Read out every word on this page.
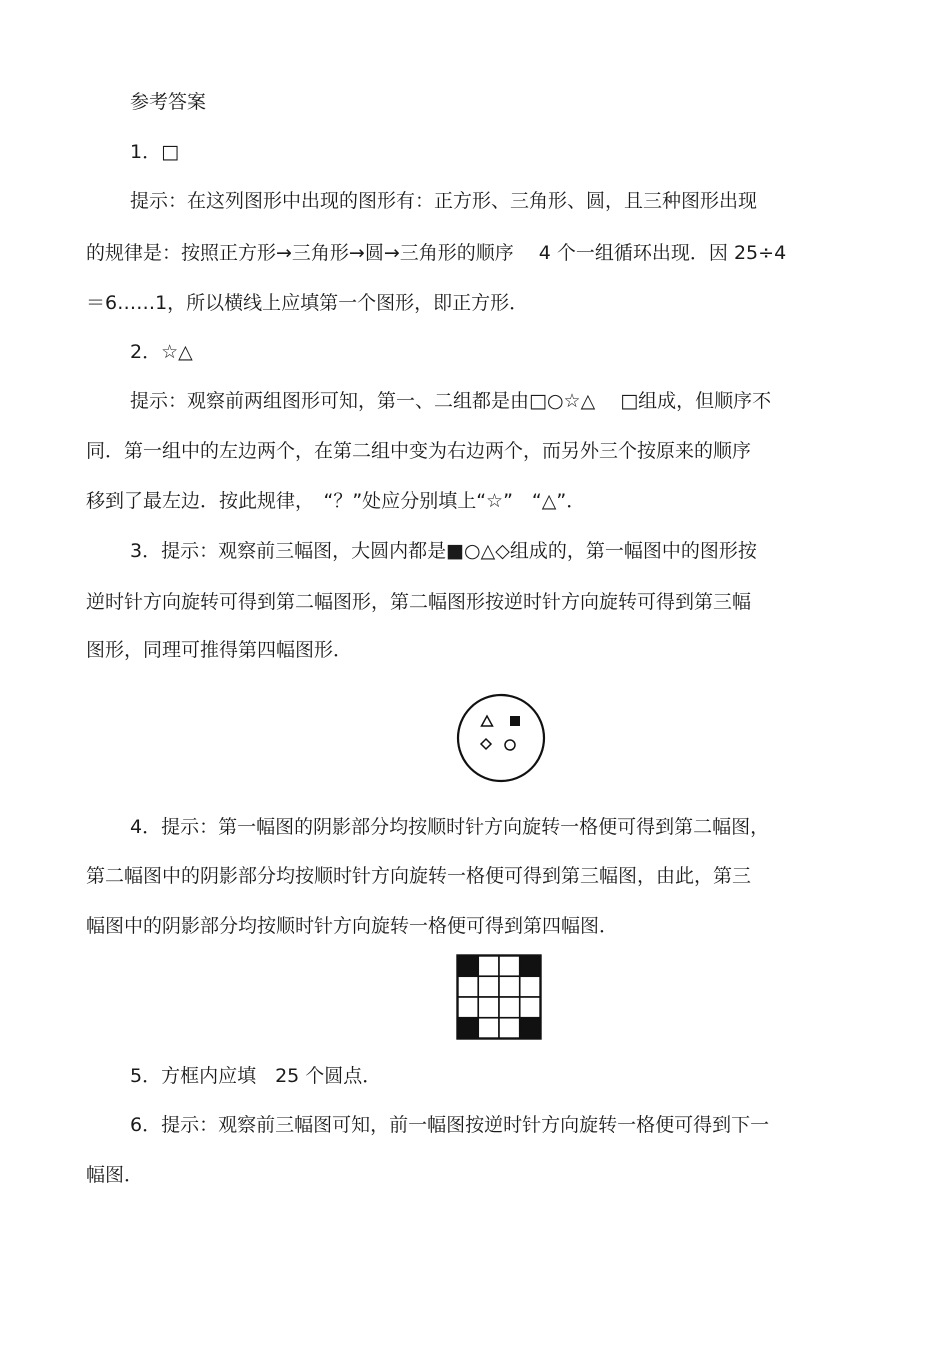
参考答案
1．□
提示：在这列图形中出现的图形有：正方形、三角形、圆，且三种图形出现
的规律是：按照正方形→三角形→圆→三角形的顺序　 4 个一组循环出现．因 25÷4
＝6……1，所以横线上应填第一个图形，即正方形．
2．☆△
提示：观察前两组图形可知，第一、二组都是由□○☆△　 □组成，但顺序不
同．第一组中的左边两个，在第二组中变为右边两个，而另外三个按原来的顺序
移到了最左边．按此规律，　“？”处应分别填上“☆”　“△”．
3．提示：观察前三幅图，大圆内都是■○△◇组成的，第一幅图中的图形按
逆时针方向旋转可得到第二幅图形，第二幅图形按逆时针方向旋转可得到第三幅
图形，同理可推得第四幅图形．
4．提示：第一幅图的阴影部分均按顺时针方向旋转一格便可得到第二幅图，
第二幅图中的阴影部分均按顺时针方向旋转一格便可得到第三幅图，由此，第三
幅图中的阴影部分均按顺时针方向旋转一格便可得到第四幅图．
5．方框内应填　25 个圆点．
6．提示：观察前三幅图可知，前一幅图按逆时针方向旋转一格便可得到下一
幅图．
